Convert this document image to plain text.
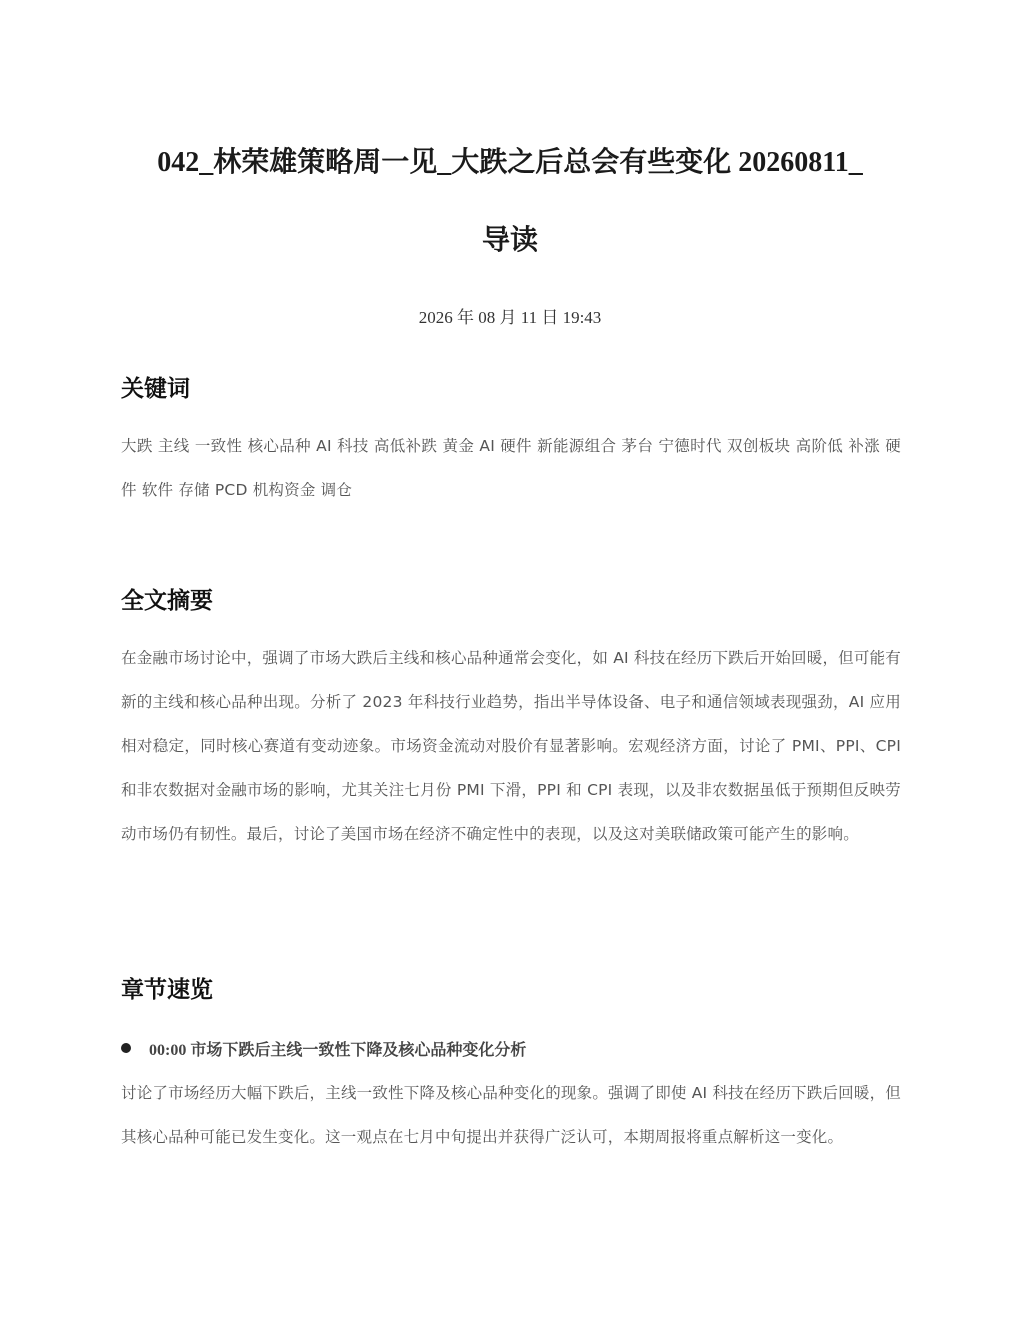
042_林荣雄策略周一见_大跌之后总会有些变化 20260811_
导读
2026 年 08 月 11 日 19:43
关键词
大跌 主线 一致性 核心品种 AI 科技 高低补跌 黄金 AI 硬件 新能源组合 茅台 宁德时代 双创板块 高阶低 补涨 硬件 软件 存储 PCD 机构资金 调仓
全文摘要
在金融市场讨论中，强调了市场大跌后主线和核心品种通常会变化，如 AI 科技在经历下跌后开始回暖，但可能有新的主线和核心品种出现。分析了 2023 年科技行业趋势，指出半导体设备、电子和通信领域表现强劲，AI 应用相对稳定，同时核心赛道有变动迹象。市场资金流动对股价有显著影响。宏观经济方面，讨论了 PMI、PPI、CPI 和非农数据对金融市场的影响，尤其关注七月份 PMI 下滑，PPI 和 CPI 表现，以及非农数据虽低于预期但反映劳动市场仍有韧性。最后，讨论了美国市场在经济不确定性中的表现，以及这对美联储政策可能产生的影响。
章节速览
00:00 市场下跌后主线一致性下降及核心品种变化分析
讨论了市场经历大幅下跌后，主线一致性下降及核心品种变化的现象。强调了即使 AI 科技在经历下跌后回暖，但其核心品种可能已发生变化。这一观点在七月中旬提出并获得广泛认可，本期周报将重点解析这一变化。
